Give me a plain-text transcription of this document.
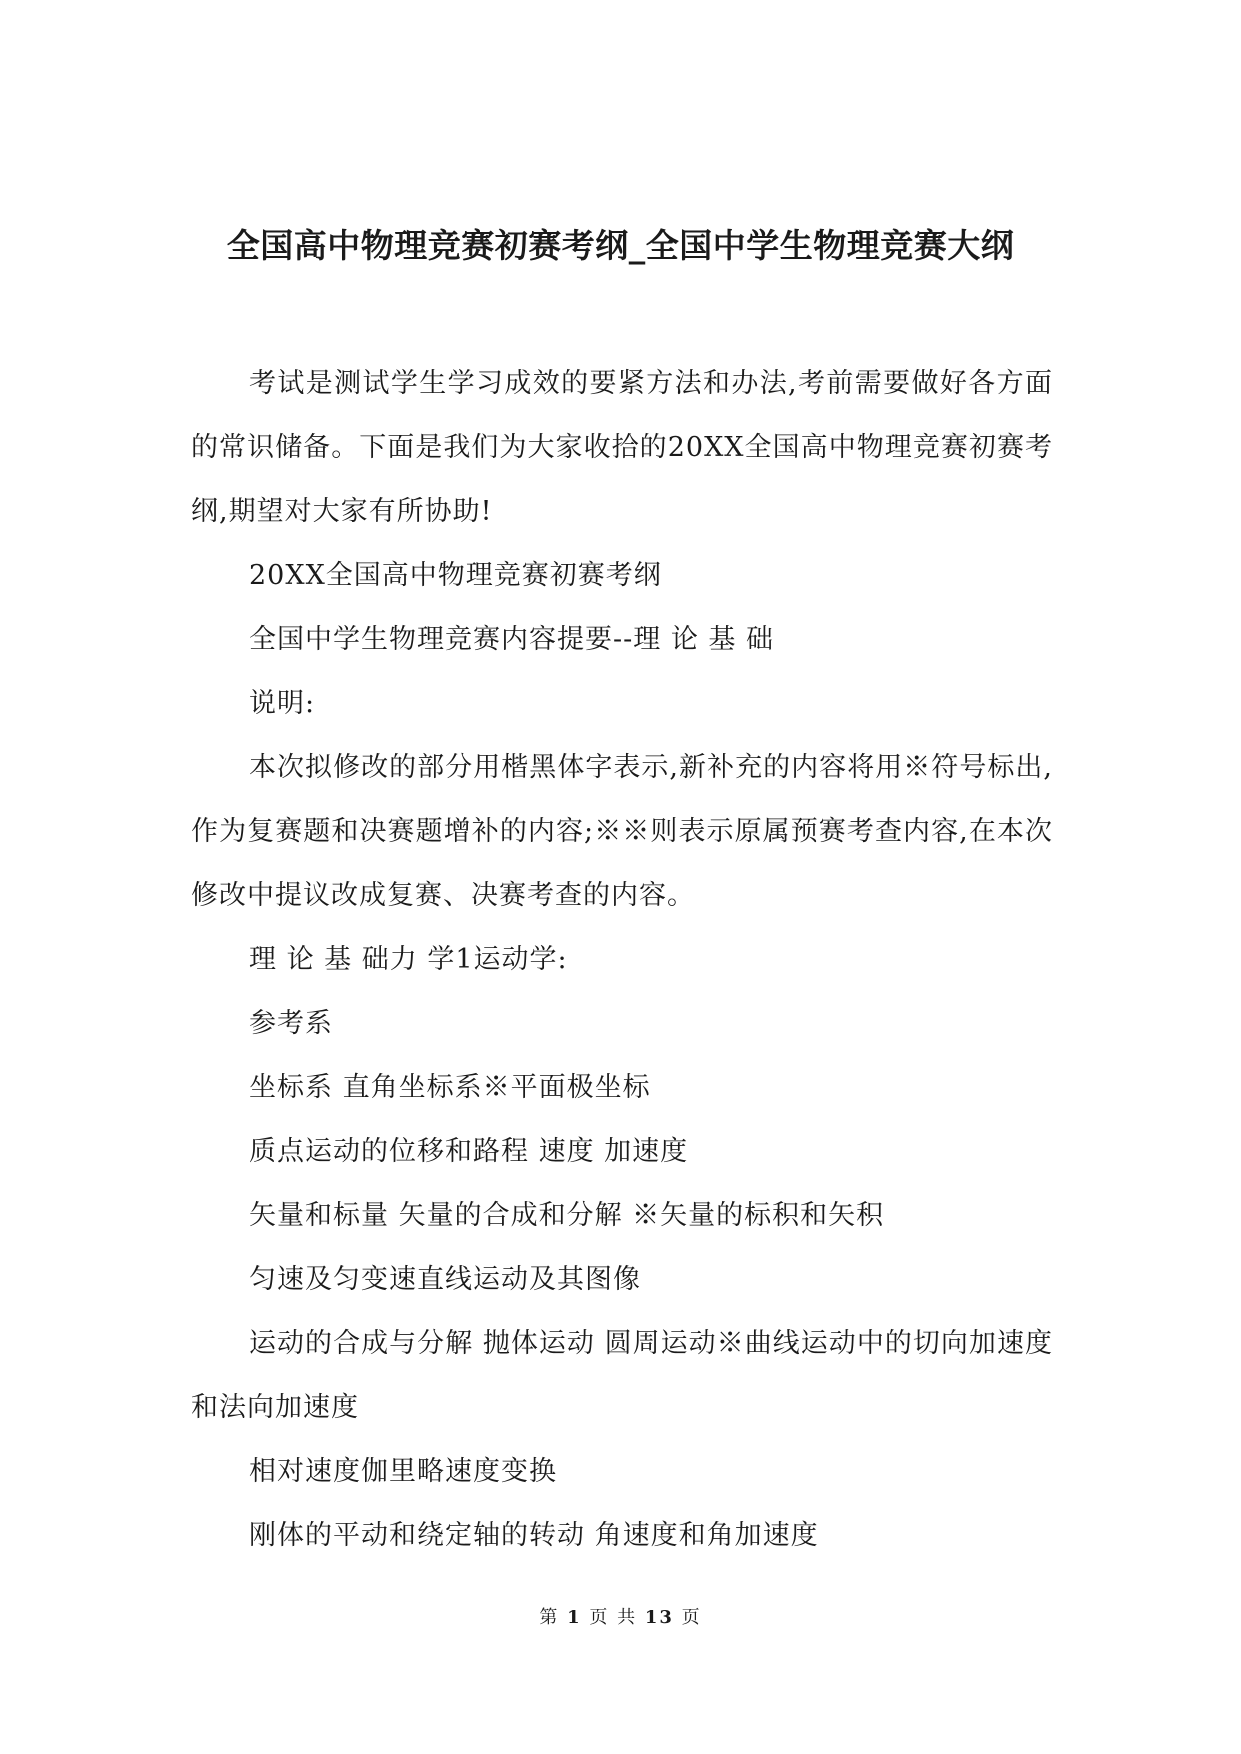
全国高中物理竞赛初赛考纲_全国中学生物理竞赛大纲

考试是测试学生学习成效的要紧方法和办法,考前需要做好各方面的常识储备。下面是我们为大家收拾的20XX全国高中物理竞赛初赛考纲,期望对大家有所协助!

20XX全国高中物理竞赛初赛考纲

全国中学生物理竞赛内容提要--理 论 基 础

说明:

本次拟修改的部分用楷黑体字表示,新补充的内容将用※符号标出,作为复赛题和决赛题增补的内容;※※则表示原属预赛考查内容,在本次修改中提议改成复赛、决赛考查的内容。

理 论 基 础力 学1运动学:

参考系

坐标系 直角坐标系※平面极坐标

质点运动的位移和路程 速度 加速度

矢量和标量 矢量的合成和分解 ※矢量的标积和矢积

匀速及匀变速直线运动及其图像

运动的合成与分解 抛体运动 圆周运动※曲线运动中的切向加速度和法向加速度

相对速度伽里略速度变换

刚体的平动和绕定轴的转动 角速度和角加速度

第 1 页 共 13 页
